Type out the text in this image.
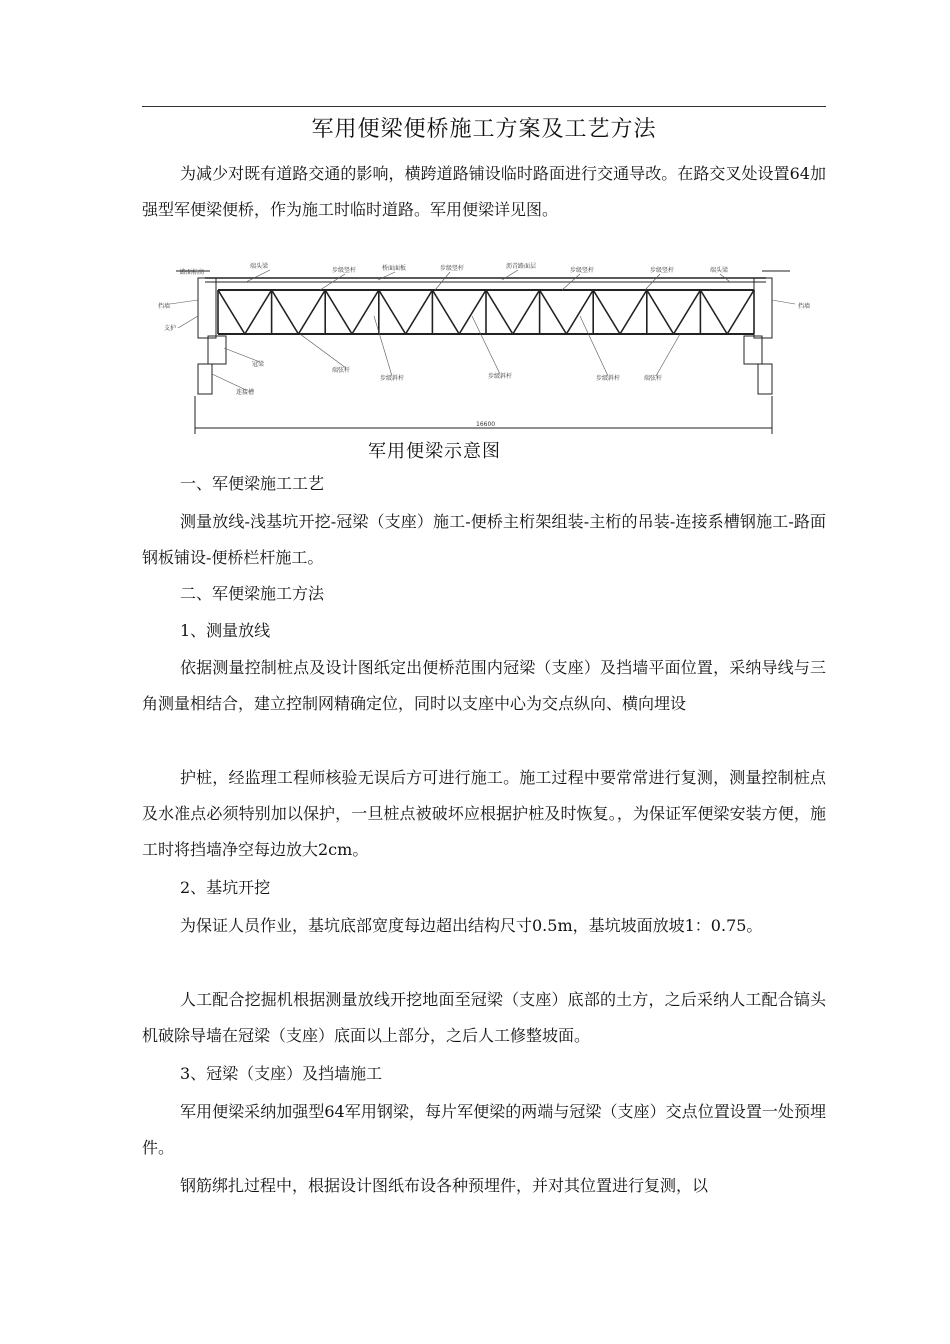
军用便梁便桥施工方案及工艺方法

为减少对既有道路交通的影响，横跨道路铺设临时路面进行交通导改。在路交叉处设置64加强型军便梁便桥，作为施工时临时道路。军用便梁详见图。

路面标高
端头梁
步级竖杆	桥面面板	步级竖杆	沥青路面层
步级竖杆	步级竖杆	端头梁
挡墙
支护
挡墙
冠梁
连接槽
端弦杆
步级斜杆	步级斜杆	步级斜杆	端弦杆
16600
军用便梁示意图

一、军便梁施工工艺

测量放线-浅基坑开挖-冠梁（支座）施工-便桥主桁架组装-主桁的吊装-连接系槽钢施工-路面钢板铺设-便桥栏杆施工。

二、军便梁施工方法

1、测量放线

依据测量控制桩点及设计图纸定出便桥范围内冠梁（支座）及挡墙平面位置，采纳导线与三角测量相结合，建立控制网精确定位，同时以支座中心为交点纵向、横向埋设

护桩，经监理工程师核验无误后方可进行施工。施工过程中要常常进行复测，测量控制桩点及水准点必须特别加以保护，一旦桩点被破坏应根据护桩及时恢复。，为保证军便梁安装方便，施工时将挡墙净空每边放大2cm。

2、基坑开挖

为保证人员作业，基坑底部宽度每边超出结构尺寸0.5m，基坑坡面放坡1：0.75。

人工配合挖掘机根据测量放线开挖地面至冠梁（支座）底部的土方，之后采纳人工配合镐头机破除导墙在冠梁（支座）底面以上部分，之后人工修整坡面。

3、冠梁（支座）及挡墙施工

军用便梁采纳加强型64军用钢梁，每片军便梁的两端与冠梁（支座）交点位置设置一处预埋件。

钢筋绑扎过程中，根据设计图纸布设各种预埋件，并对其位置进行复测，以
